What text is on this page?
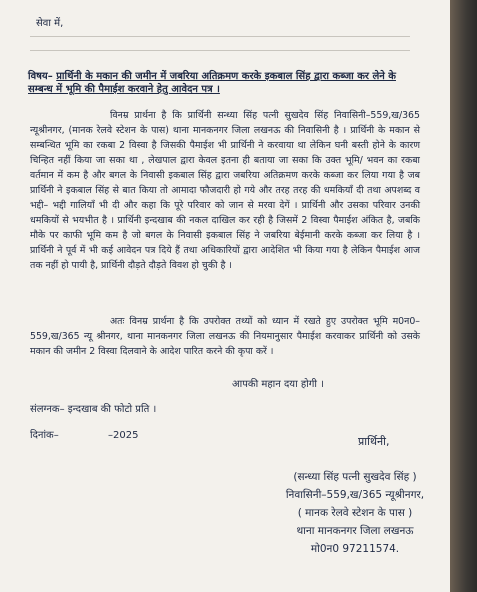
सेवा में,
विषय– प्रार्थिनी के मकान की जमीन में जबरिया अतिक्रमण करके इकबाल सिंह द्वारा कब्जा कर लेने के सम्बन्ध में भूमि की पैमाईश करवाने हेतु आवेदन पत्र ।
विनम्र प्रार्थना है कि प्रार्थिनी सन्ध्या सिंह पत्नी सुखदेव सिंह निवासिनी–559,ख/365 न्यूश्रीनगर, (मानक रेलवे स्टेशन के पास) थाना मानकनगर जिला लखनऊ की निवासिनी है । प्रार्थिनी के मकान से सम्बन्धित भूमि का रकबा 2 विस्वा है जिसकी पैमाईश भी प्रार्थिनी ने करवाया था लेकिन घनी बस्ती होने के कारण चिन्हित नहीं किया जा सका था , लेखपाल द्वारा केवल इतना ही बताया जा सका कि उक्त भूमि/ भवन का रकबा वर्तमान में कम है और बगल के निवासी इकबाल सिंह द्वारा जबरिया अतिक्रमण करके कब्जा कर लिया गया है जब प्रार्थिनी ने इकबाल सिंह से बात किया तो आमादा फौजदारी हो गये और तरह तरह की धमकियाँ दी तथा अपशब्द व भद्दी– भद्दी गालियाँ भी दी और कहा कि पूरे परिवार को जान से मरवा देगें । प्रार्थिनी और उसका परिवार उनकी धमकियों से भयभीत है । प्रार्थिनी इन्दखाब की नकल दाखिल कर रही है जिसमें 2 विस्वा पैमाईश अंकित है, जबकि मौके पर काफी भूमि कम है जो बगल के निवासी इकबाल सिंह ने जबरिया बेईमानी करके कब्जा कर लिया है । प्रार्थिनी ने पूर्व में भी कई आवेदन पत्र दिये हैं तथा अधिकारियों द्वारा आदेशित भी किया गया है लेकिन पैमाईश आज तक नहीं हो पायी है, प्रार्थिनी दौड़ते दौड़ते विवश हो चुकी है ।
अतः विनम्र प्रार्थना है कि उपरोक्त तथ्यों को ध्यान में रखते हुए उपरोक्त भूमि म0न0– 559,ख/365 न्यू श्रीनगर, थाना मानकनगर जिला लखनऊ की नियमानुसार पैमाईश करवाकर प्रार्थिनी को उसके मकान की जमीन 2 विस्वा दिलवाने के आदेश पारित करने की कृपा करें ।
आपकी महान दया होगी ।
संलग्नक– इन्दखाब की फोटो प्रति ।
दिनांक–	–2025	प्रार्थिनी,
(सन्ध्या सिंह पत्नी सुखदेव सिंह )
निवासिनी–559,ख/365 न्यूश्रीनगर,
( मानक रेलवे स्टेशन के पास )
थाना मानकनगर जिला लखनऊ
मो0न0 97211574.
